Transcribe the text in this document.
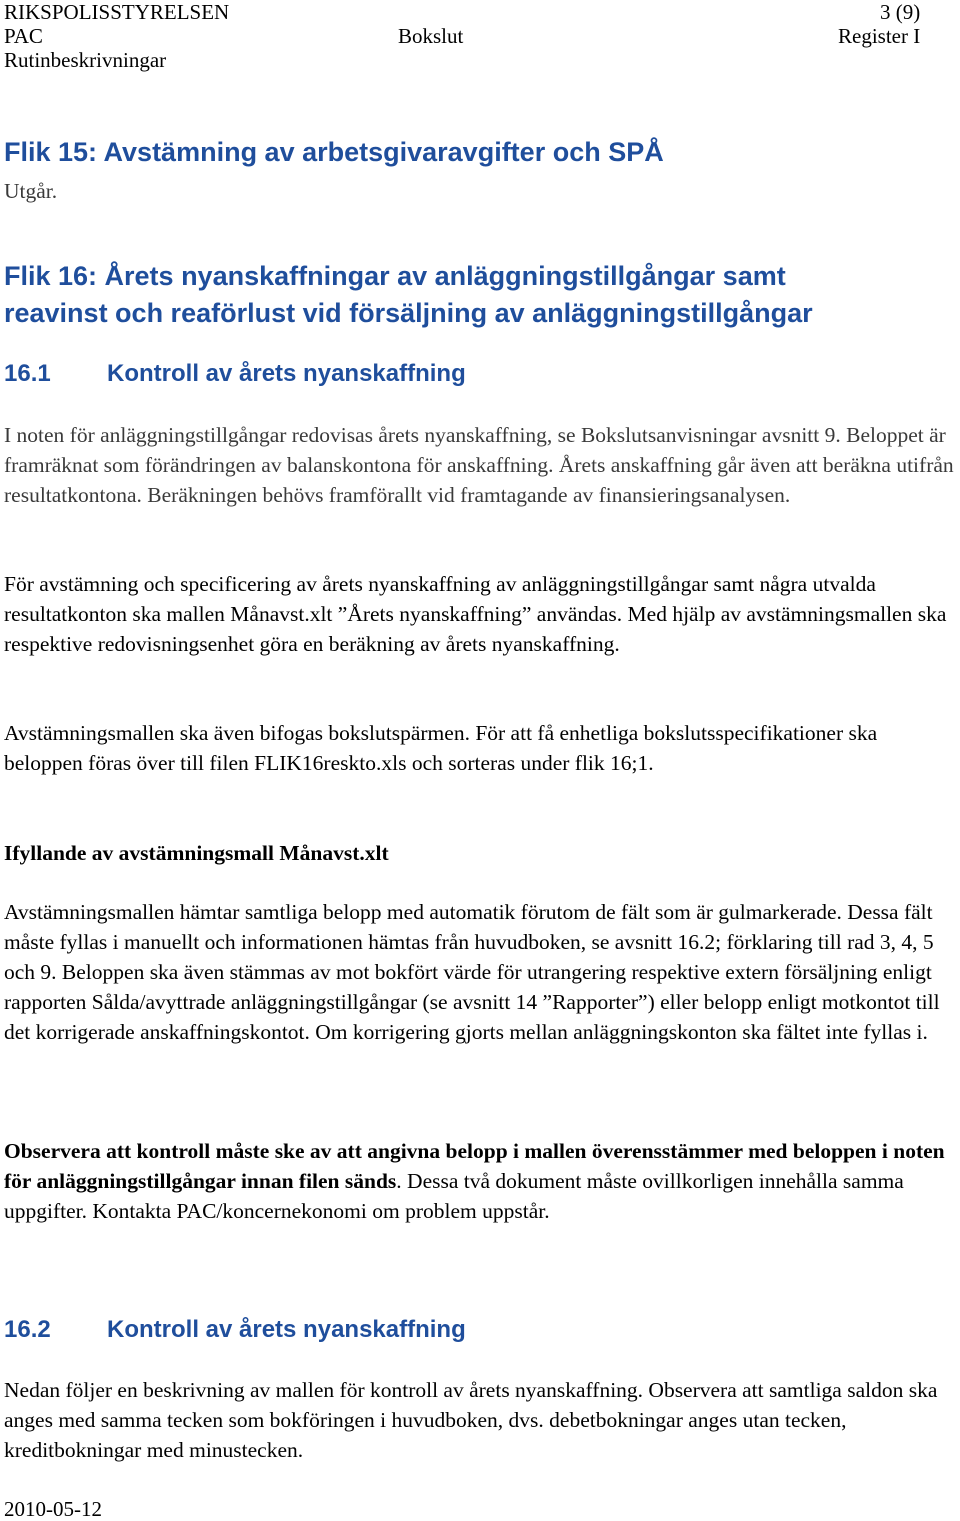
RIKSPOLISSTYRELSEN	3 (9)
PAC	Bokslut	Register I
Rutinbeskrivningar
Flik 15: Avstämning av arbetsgivaravgifter och SPÅ

Utgår.

Flik 16: Årets nyanskaffningar av anläggningstillgångar samt
reavinst och reaförlust vid försäljning av anläggningstillgångar
16.1 Kontroll av årets nyanskaffning

I noten för anläggningstillgångar redovisas årets nyanskaffning, se Bokslutsanvisningar avsnitt 9. Beloppet är framräknat som förändringen av balanskontona för anskaffning. Årets anskaffning går även att beräkna utifrån resultatkontona. Beräkningen behövs framförallt vid framtagande av finansieringsanalysen.

För avstämning och specificering av årets nyanskaffning av anläggningstillgångar samt några utvalda resultatkonton ska mallen Månavst.xlt ”Årets nyanskaffning” användas. Med hjälp av avstämningsmallen ska respektive redovisningsenhet göra en beräkning av årets nyanskaffning.

Avstämningsmallen ska även bifogas bokslutspärmen. För att få enhetliga bokslutsspecifikationer ska beloppen föras över till filen FLIK16reskto.xls och sorteras under flik 16;1.

Ifyllande av avstämningsmall Månavst.xlt

Avstämningsmallen hämtar samtliga belopp med automatik förutom de fält som är gulmarkerade. Dessa fält måste fyllas i manuellt och informationen hämtas från huvudboken, se avsnitt 16.2; förklaring till rad 3, 4, 5 och 9. Beloppen ska även stämmas av mot bokfört värde för utrangering respektive extern försäljning enligt rapporten Sålda/avyttrade anläggningstillgångar (se avsnitt 14 ”Rapporter”) eller belopp enligt motkontot till det korrigerade anskaffningskontot. Om korrigering gjorts mellan anläggningskonton ska fältet inte fyllas i.

Observera att kontroll måste ske av att angivna belopp i mallen överensstämmer med beloppen i noten för anläggningstillgångar innan filen sänds. Dessa två dokument måste ovillkorligen innehålla samma uppgifter. Kontakta PAC/koncernekonomi om problem uppstår.

16.2 Kontroll av årets nyanskaffning

Nedan följer en beskrivning av mallen för kontroll av årets nyanskaffning. Observera att samtliga saldon ska anges med samma tecken som bokföringen i huvudboken, dvs. debetbokningar anges utan tecken, kreditbokningar med minustecken.

2010-05-12
